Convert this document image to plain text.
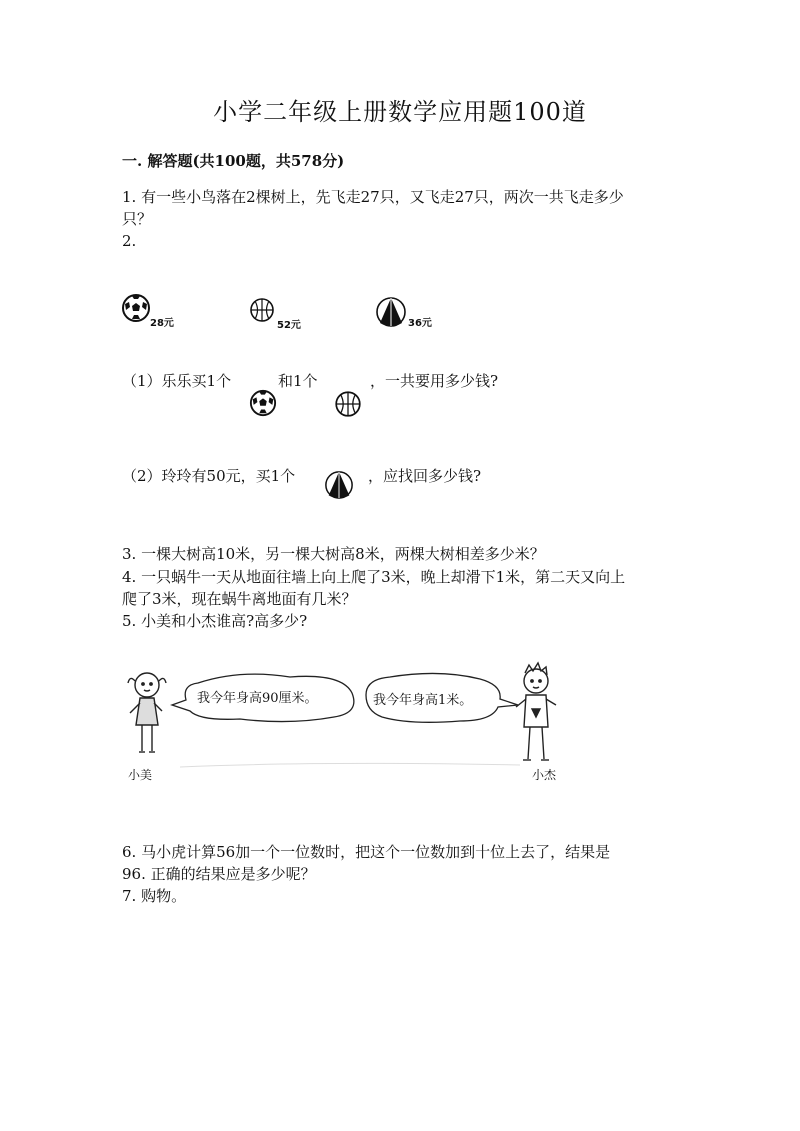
小学二年级上册数学应用题100道
一. 解答题(共100题，共578分)
1. 有一些小鸟落在2棵树上，先飞走27只，又飞走27只，两次一共飞走多少
只？
2.
28元	52元	36元
（1）乐乐买1个	和1个	，一共要用多少钱?
（2）玲玲有50元，买1个	，应找回多少钱?
3. 一棵大树高10米，另一棵大树高8米，两棵大树相差多少米？
4. 一只蜗牛一天从地面往墙上向上爬了3米，晚上却滑下1米，第二天又向上
爬了3米，现在蜗牛离地面有几米？
5. 小美和小杰谁高?高多少?
我今年身高90厘米。	我今年身高1米。
小美	小杰
6. 马小虎计算56加一个一位数时，把这个一位数加到十位上去了，结果是
96. 正确的结果应是多少呢？
7. 购物。
